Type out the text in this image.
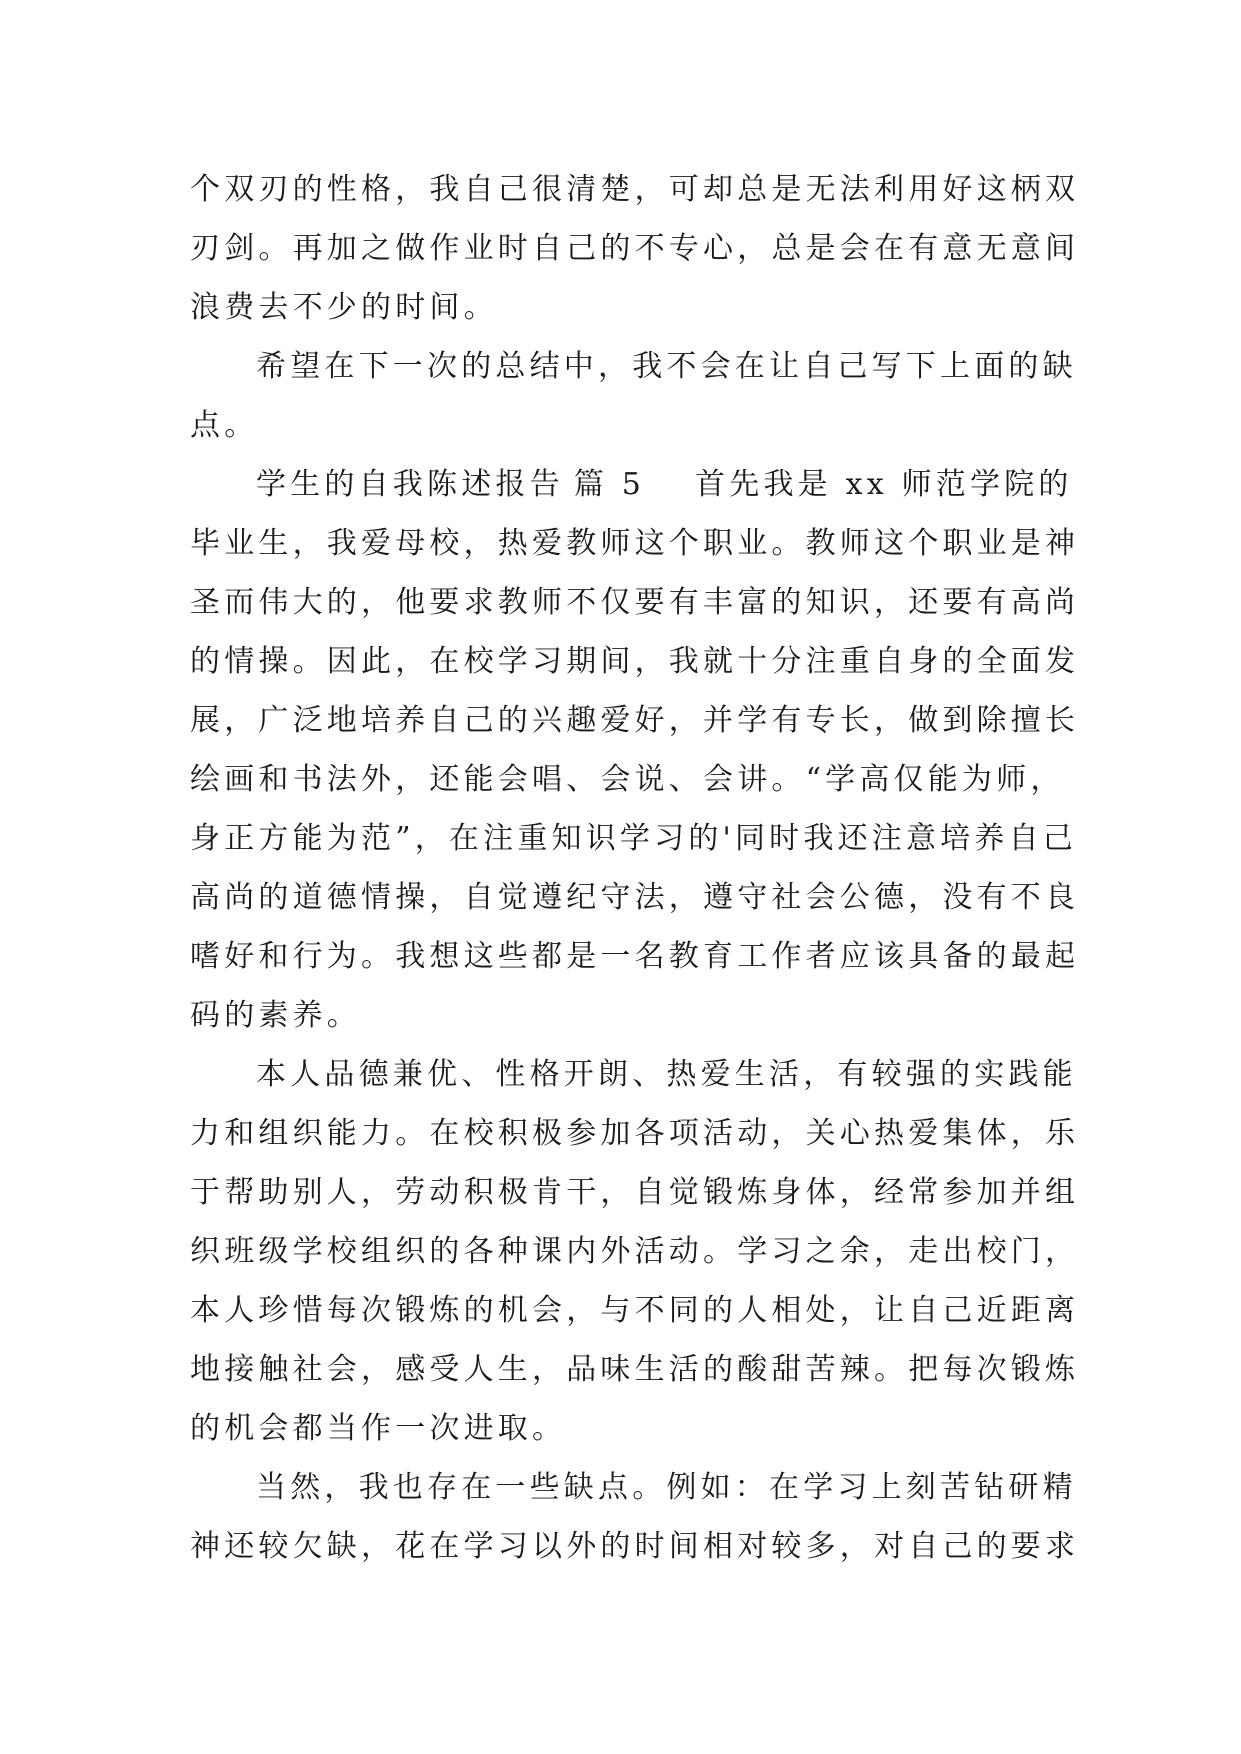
个双刃的性格，我自己很清楚，可却总是无法利用好这柄双
刃剑。再加之做作业时自己的不专心，总是会在有意无意间
浪费去不少的时间。
希望在下一次的总结中，我不会在让自己写下上面的缺
点。
学生的自我陈述报告 篇 5 首先我是 xx 师范学院的
毕业生，我爱母校，热爱教师这个职业。教师这个职业是神
圣而伟大的，他要求教师不仅要有丰富的知识，还要有高尚
的情操。因此，在校学习期间，我就十分注重自身的全面发
展，广泛地培养自己的兴趣爱好，并学有专长，做到除擅长
绘画和书法外，还能会唱、会说、会讲。“学高仅能为师，
身正方能为范”，在注重知识学习的'同时我还注意培养自己
高尚的道德情操，自觉遵纪守法，遵守社会公德，没有不良
嗜好和行为。我想这些都是一名教育工作者应该具备的最起
码的素养。
本人品德兼优、性格开朗、热爱生活，有较强的实践能
力和组织能力。在校积极参加各项活动，关心热爱集体，乐
于帮助别人，劳动积极肯干，自觉锻炼身体，经常参加并组
织班级学校组织的各种课内外活动。学习之余，走出校门，
本人珍惜每次锻炼的机会，与不同的人相处，让自己近距离
地接触社会，感受人生，品味生活的酸甜苦辣。把每次锻炼
的机会都当作一次进取。
当然，我也存在一些缺点。例如：在学习上刻苦钻研精
神还较欠缺，花在学习以外的时间相对较多，对自己的要求
